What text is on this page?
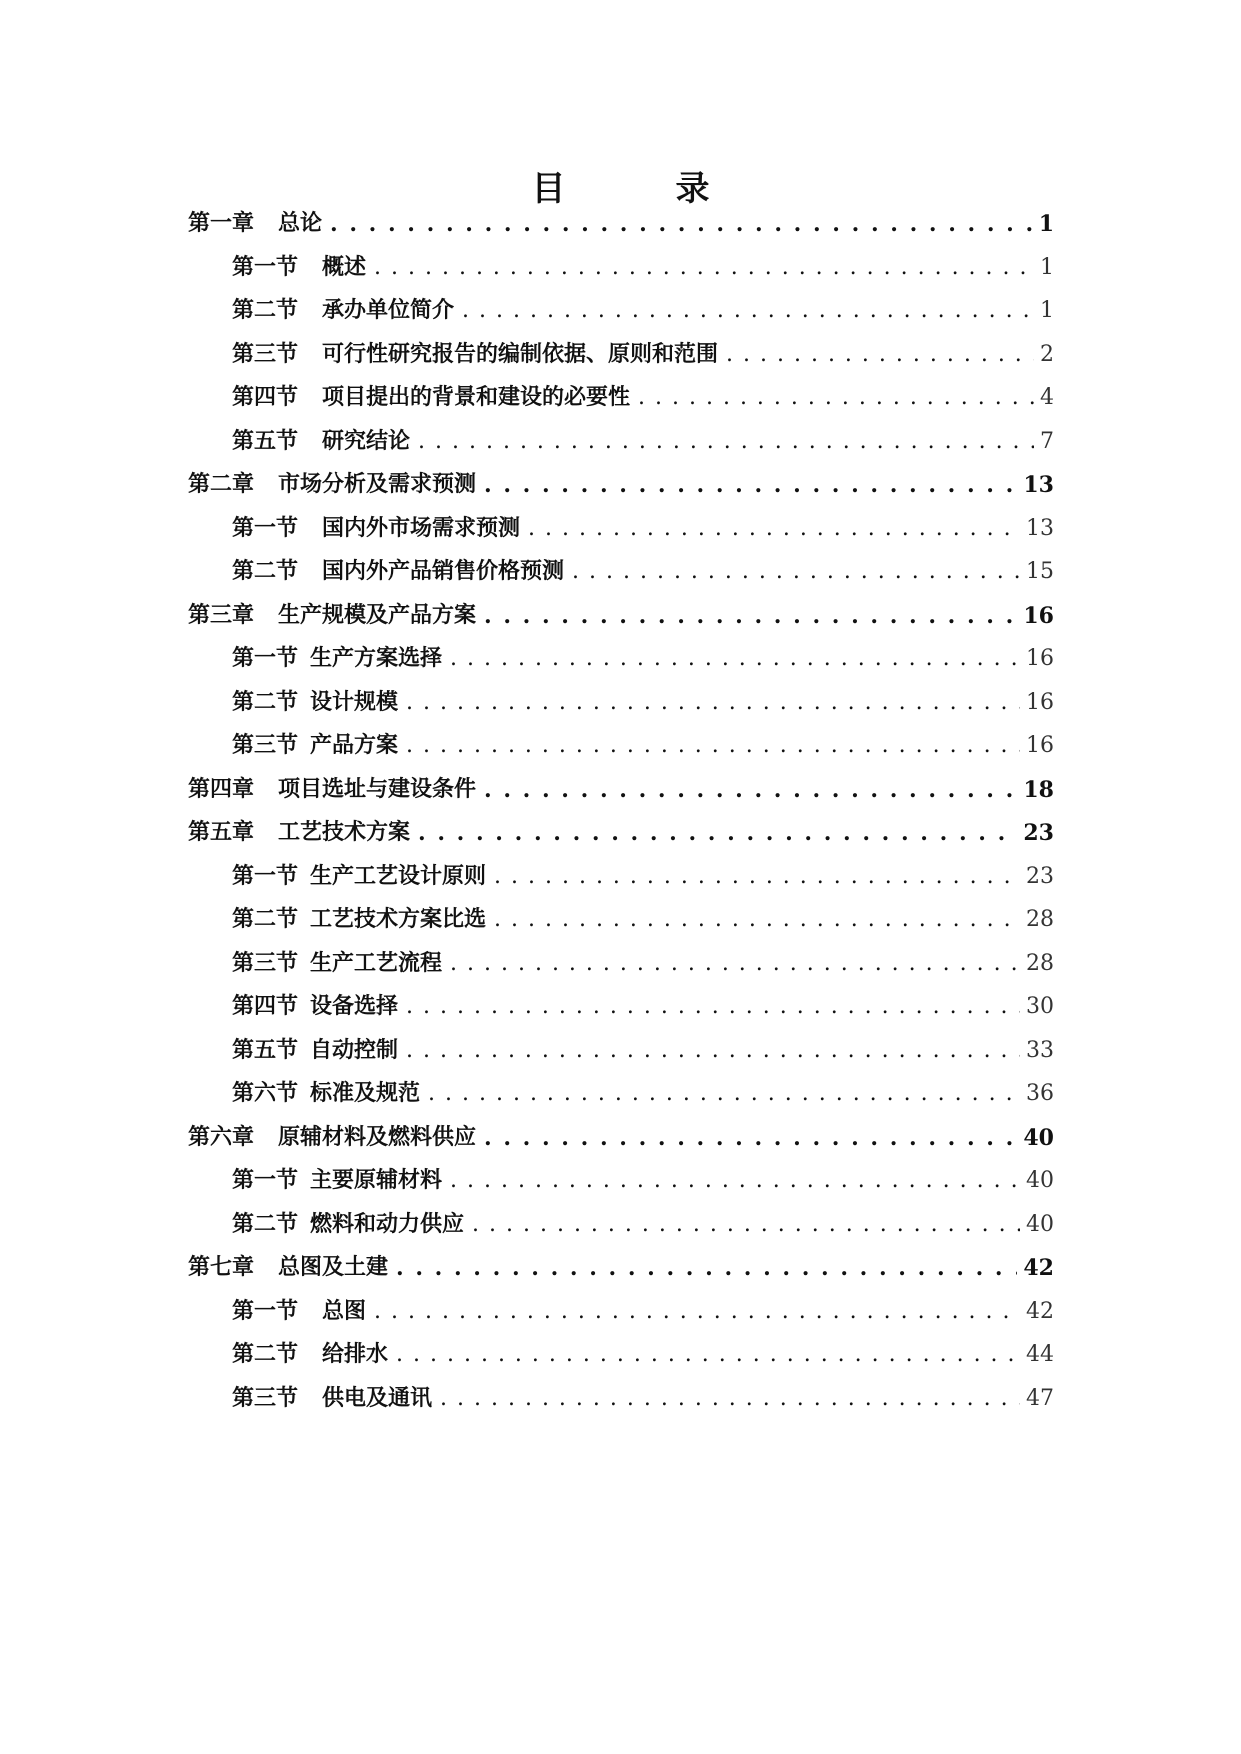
目　录
第一章 总论 . . .	1
第一节 概述 . . .	1
第二节 承办单位简介 . . .	1
第三节 可行性研究报告的编制依据、原则和范围 . . .	2
第四节 项目提出的背景和建设的必要性 . . .	4
第五节 研究结论 . . .	7
第二章 市场分析及需求预测 . . .	13
第一节 国内外市场需求预测 . . .	13
第二节 国内外产品销售价格预测 . . .	15
第三章 生产规模及产品方案 . . .	16
第一节 生产方案选择 . . .	16
第二节 设计规模 . . .	16
第三节 产品方案 . . .	16
第四章 项目选址与建设条件 . . .	18
第五章 工艺技术方案 . . .	23
第一节 生产工艺设计原则 . . .	23
第二节 工艺技术方案比选 . . .	28
第三节 生产工艺流程 . . .	28
第四节 设备选择 . . .	30
第五节 自动控制 . . .	33
第六节 标准及规范 . . .	36
第六章 原辅材料及燃料供应 . . .	40
第一节 主要原辅材料 . . .	40
第二节 燃料和动力供应 . . .	40
第七章 总图及土建 . . .	42
第一节 总图 . . .	42
第二节 给排水 . . .	44
第三节 供电及通讯 . . .	47
